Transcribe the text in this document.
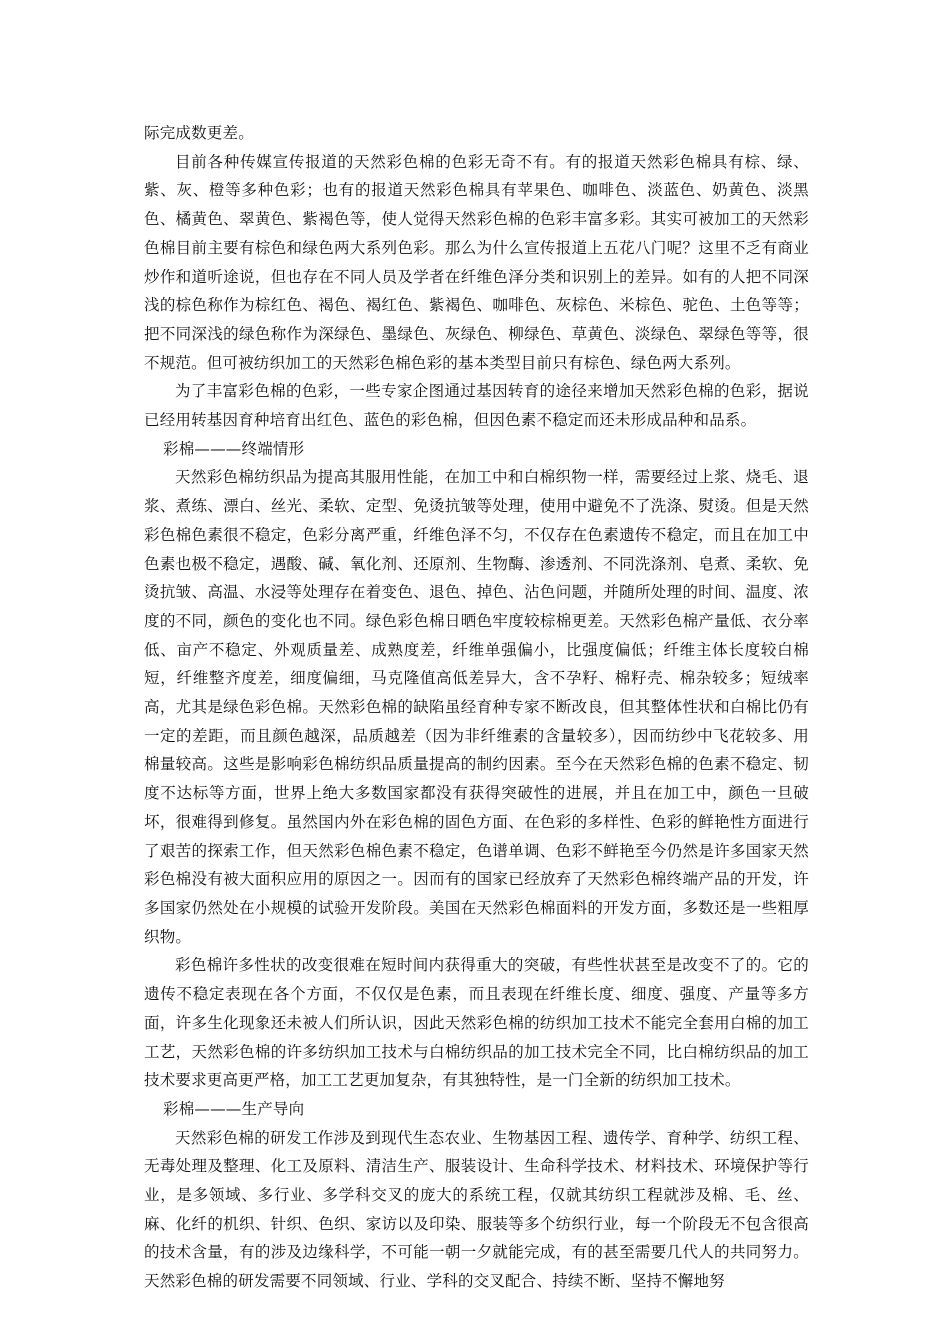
际完成数更差。

目前各种传媒宣传报道的天然彩色棉的色彩无奇不有。有的报道天然彩色棉具有棕、绿、紫、灰、橙等多种色彩；也有的报道天然彩色棉具有苹果色、咖啡色、淡蓝色、奶黄色、淡黑色、橘黄色、翠黄色、紫褐色等，使人觉得天然彩色棉的色彩丰富多彩。其实可被加工的天然彩色棉目前主要有棕色和绿色两大系列色彩。那么为什么宣传报道上五花八门呢？这里不乏有商业炒作和道听途说，但也存在不同人员及学者在纤维色泽分类和识别上的差异。如有的人把不同深浅的棕色称作为棕红色、褐色、褐红色、紫褐色、咖啡色、灰棕色、米棕色、驼色、土色等等；把不同深浅的绿色称作为深绿色、墨绿色、灰绿色、柳绿色、草黄色、淡绿色、翠绿色等等，很不规范。但可被纺织加工的天然彩色棉色彩的基本类型目前只有棕色、绿色两大系列。

为了丰富彩色棉的色彩，一些专家企图通过基因转育的途径来增加天然彩色棉的色彩，据说已经用转基因育种培育出红色、蓝色的彩色棉，但因色素不稳定而还未形成品种和品系。

彩棉———终端情形

天然彩色棉纺织品为提高其服用性能，在加工中和白棉织物一样，需要经过上浆、烧毛、退浆、煮练、漂白、丝光、柔软、定型、免烫抗皱等处理，使用中避免不了洗涤、熨烫。但是天然彩色棉色素很不稳定，色彩分离严重，纤维色泽不匀，不仅存在色素遗传不稳定，而且在加工中色素也极不稳定，遇酸、碱、氧化剂、还原剂、生物酶、渗透剂、不同洗涤剂、皂煮、柔软、免烫抗皱、高温、水浸等处理存在着变色、退色、掉色、沾色问题，并随所处理的时间、温度、浓度的不同，颜色的变化也不同。绿色彩色棉日晒色牢度较棕棉更差。天然彩色棉产量低、衣分率低、亩产不稳定、外观质量差、成熟度差，纤维单强偏小，比强度偏低；纤维主体长度较白棉短，纤维整齐度差，细度偏细，马克隆值高低差异大，含不孕籽、棉籽壳、棉杂较多；短绒率高，尤其是绿色彩色棉。天然彩色棉的缺陷虽经育种专家不断改良，但其整体性状和白棉比仍有一定的差距，而且颜色越深，品质越差（因为非纤维素的含量较多），因而纺纱中飞花较多、用棉量较高。这些是影响彩色棉纺织品质量提高的制约因素。至今在天然彩色棉的色素不稳定、韧度不达标等方面，世界上绝大多数国家都没有获得突破性的进展，并且在加工中，颜色一旦破坏，很难得到修复。虽然国内外在彩色棉的固色方面、在色彩的多样性、色彩的鲜艳性方面进行了艰苦的探索工作，但天然彩色棉色素不稳定，色谱单调、色彩不鲜艳至今仍然是许多国家天然彩色棉没有被大面积应用的原因之一。因而有的国家已经放弃了天然彩色棉终端产品的开发，许多国家仍然处在小规模的试验开发阶段。美国在天然彩色棉面料的开发方面，多数还是一些粗厚织物。

彩色棉许多性状的改变很难在短时间内获得重大的突破，有些性状甚至是改变不了的。它的遗传不稳定表现在各个方面，不仅仅是色素，而且表现在纤维长度、细度、强度、产量等多方面，许多生化现象还未被人们所认识，因此天然彩色棉的纺织加工技术不能完全套用白棉的加工工艺，天然彩色棉的许多纺织加工技术与白棉纺织品的加工技术完全不同，比白棉纺织品的加工技术要求更高更严格，加工工艺更加复杂，有其独特性，是一门全新的纺织加工技术。

彩棉———生产导向

天然彩色棉的研发工作涉及到现代生态农业、生物基因工程、遗传学、育种学、纺织工程、无毒处理及整理、化工及原料、清洁生产、服装设计、生命科学技术、材料技术、环境保护等行业，是多领域、多行业、多学科交叉的庞大的系统工程，仅就其纺织工程就涉及棉、毛、丝、麻、化纤的机织、针织、色织、家访以及印染、服装等多个纺织行业，每一个阶段无不包含很高的技术含量，有的涉及边缘科学，不可能一朝一夕就能完成，有的甚至需要几代人的共同努力。天然彩色棉的研发需要不同领域、行业、学科的交叉配合、持续不断、坚持不懈地努
